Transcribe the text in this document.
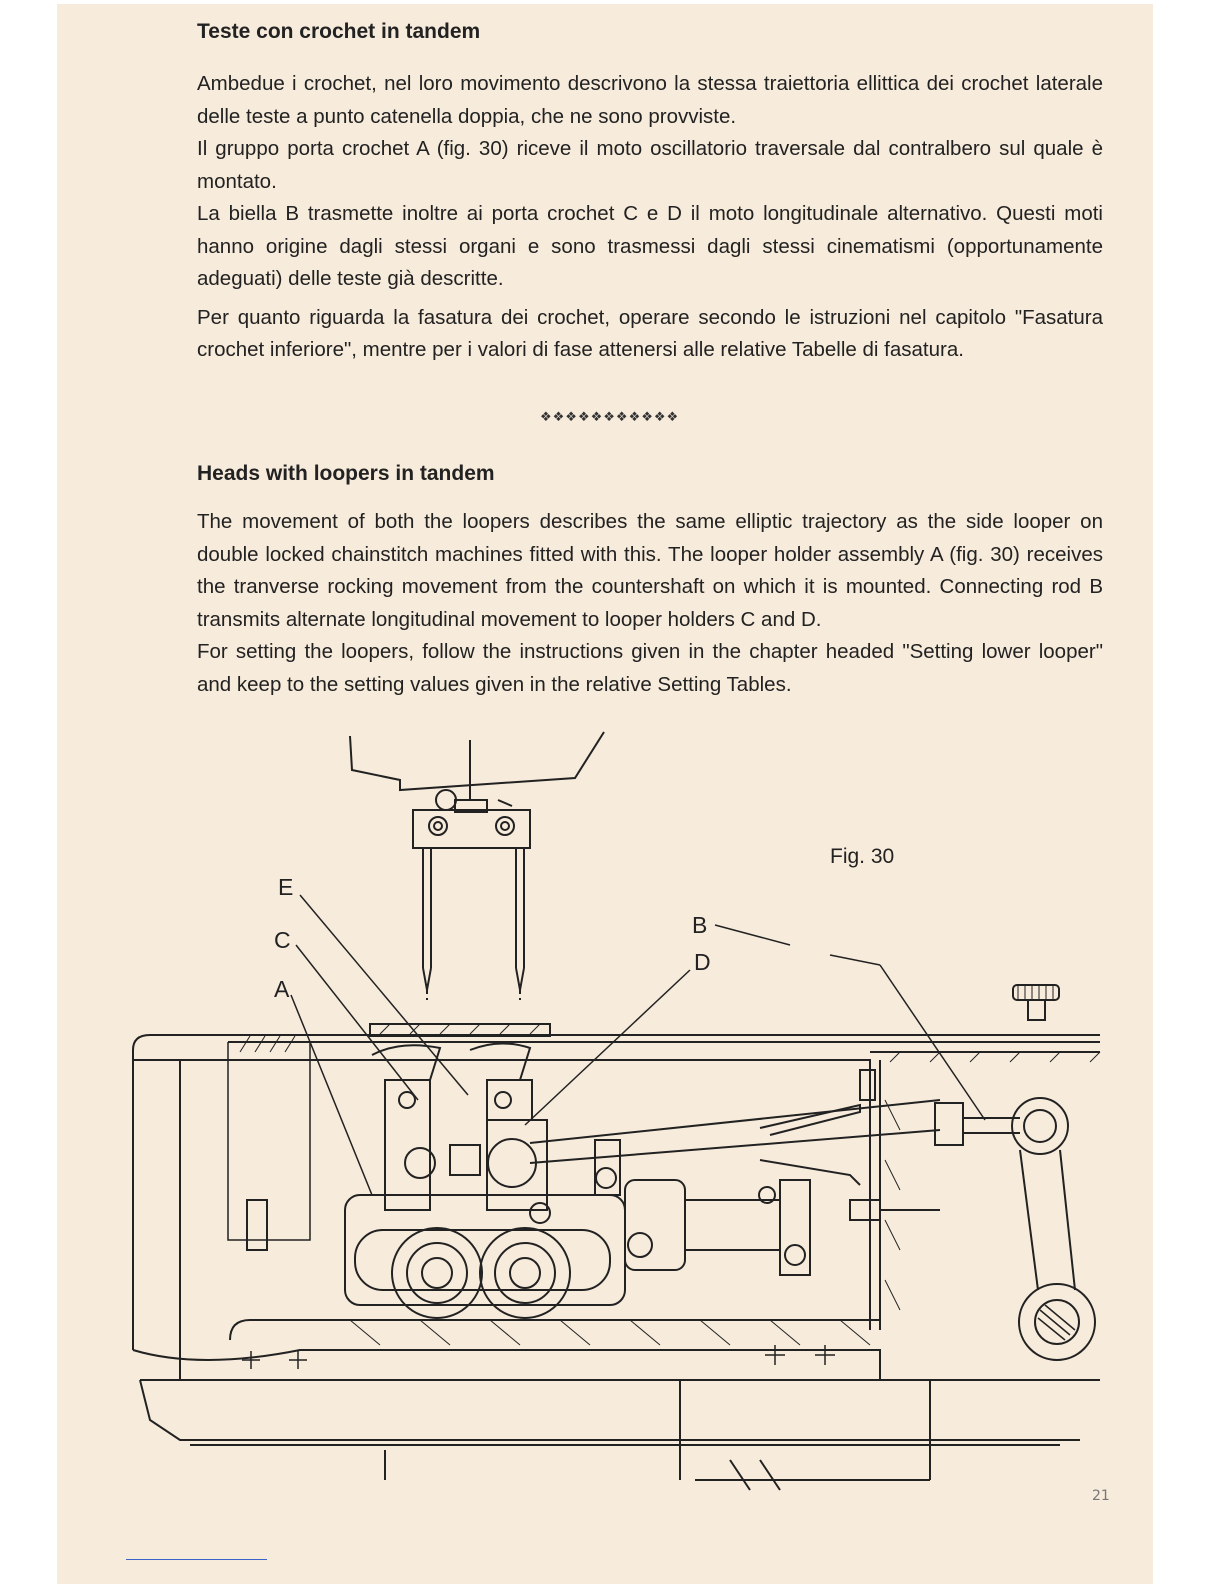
Teste con crochet in tandem

Ambedue i crochet, nel loro movimento descrivono la stessa traiettoria ellittica dei crochet laterale delle teste a punto catenella doppia, che ne sono provviste.

Il gruppo porta crochet A (fig. 30) riceve il moto oscillatorio traversale dal contralbero sul quale è montato.

La biella B trasmette inoltre ai porta crochet C e D il moto longitudinale alternativo. Questi moti hanno origine dagli stessi organi e sono trasmessi dagli stessi cinematismi (opportunamente adeguati) delle teste già descritte.

Per quanto riguarda la fasatura dei crochet, operare secondo le istruzioni nel capitolo "Fasatura crochet inferiore", mentre per i valori di fase attenersi alle relative Tabelle di fasatura.

❖❖❖❖❖❖❖❖❖❖❖
Heads with loopers in tandem

The movement of both the loopers describes the same elliptic trajectory as the side looper on double locked chainstitch machines fitted with this. The looper holder assembly A (fig. 30) receives the tranverse rocking movement from the countershaft on which it is mounted. Connecting rod B transmits alternate longitudinal movement to looper holders C and D.

For setting the loopers, follow the instructions given in the chapter headed "Setting lower looper" and keep to the setting values given in the relative Setting Tables.

E
C
A
B
D
Fig. 30
21
